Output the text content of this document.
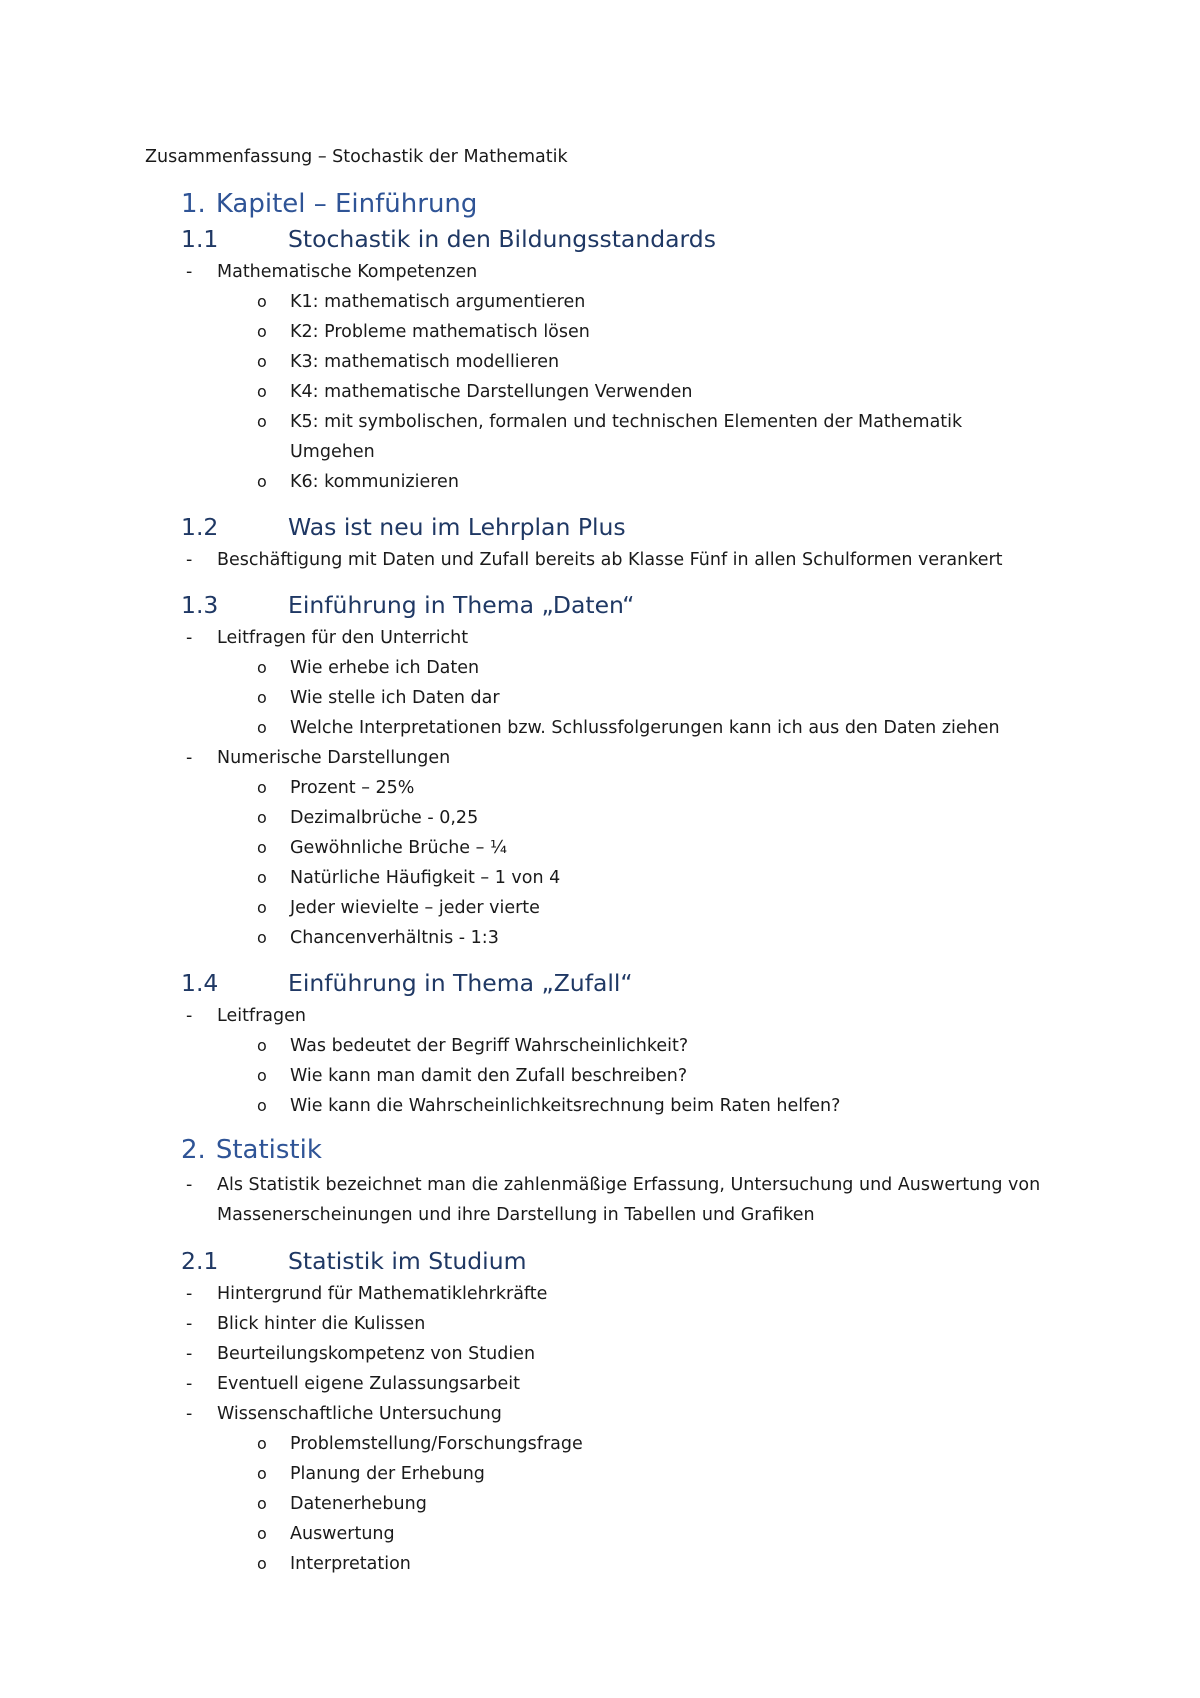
Zusammenfassung – Stochastik der Mathematik
1. Kapitel – Einführung
1.1	Stochastik in den Bildungsstandards
- Mathematische Kompetenzen
o K1: mathematisch argumentieren
o K2: Probleme mathematisch lösen
o K3: mathematisch modellieren
o K4: mathematische Darstellungen Verwenden
o K5: mit symbolischen, formalen und technischen Elementen der Mathematik Umgehen
o K6: kommunizieren
1.2	Was ist neu im Lehrplan Plus
- Beschäftigung mit Daten und Zufall bereits ab Klasse Fünf in allen Schulformen verankert
1.3	Einführung in Thema „Daten“
- Leitfragen für den Unterricht
o Wie erhebe ich Daten
o Wie stelle ich Daten dar
o Welche Interpretationen bzw. Schlussfolgerungen kann ich aus den Daten ziehen
- Numerische Darstellungen
o Prozent – 25%
o Dezimalbrüche - 0,25
o Gewöhnliche Brüche – ¼
o Natürliche Häufigkeit – 1 von 4
o Jeder wievielte – jeder vierte
o Chancenverhältnis - 1:3
1.4	Einführung in Thema „Zufall“
- Leitfragen
o Was bedeutet der Begriff Wahrscheinlichkeit?
o Wie kann man damit den Zufall beschreiben?
o Wie kann die Wahrscheinlichkeitsrechnung beim Raten helfen?
2. Statistik
- Als Statistik bezeichnet man die zahlenmäßige Erfassung, Untersuchung und Auswertung von Massenerscheinungen und ihre Darstellung in Tabellen und Grafiken
2.1	Statistik im Studium
- Hintergrund für Mathematiklehrkräfte
- Blick hinter die Kulissen
- Beurteilungskompetenz von Studien
- Eventuell eigene Zulassungsarbeit
- Wissenschaftliche Untersuchung
o Problemstellung/Forschungsfrage
o Planung der Erhebung
o Datenerhebung
o Auswertung
o Interpretation
